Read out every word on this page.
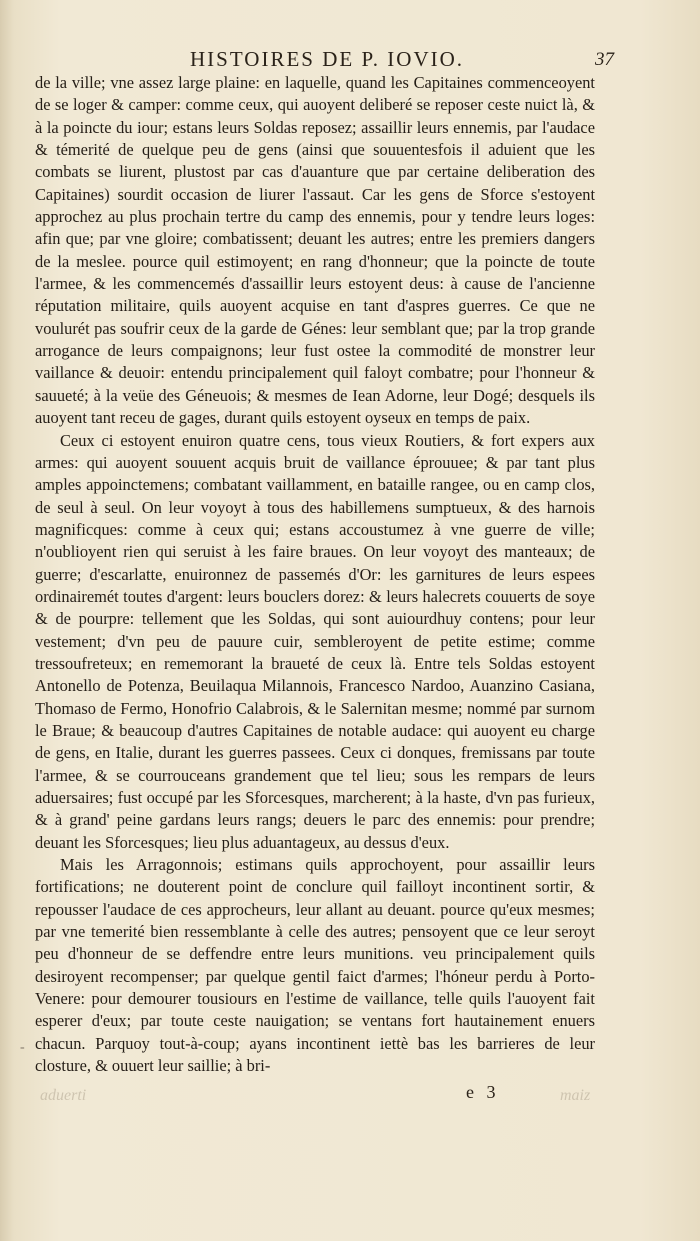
HISTOIRES DE P. IOVIO.	37

de la ville; vne assez large plaine: en laquelle, quand les Capitaines commenceoyent de se loger & camper: comme ceux, qui auoyent deliberé se reposer ceste nuict là, & à la poincte du iour; estans leurs Soldas reposez; assaillir leurs ennemis, par l'audace & témerité de quelque peu de gens (ainsi que souuentesfois il aduient que les combats se liurent, plustost par cas d'auanture que par certaine deliberation des Capitaines) sourdit occasion de liurer l'assaut. Car les gens de Sforce s'estoyent approchez au plus prochain tertre du camp des ennemis, pour y tendre leurs loges: afin que; par vne gloire; combatissent; deuant les autres; entre les premiers dangers de la meslee. pource quil estimoyent; en rang d'honneur; que la poincte de toute l'armee, & les commencemés d'assaillir leurs estoyent deus: à cause de l'ancienne réputation militaire, quils auoyent acquise en tant d'aspres guerres. Ce que ne voulurét pas soufrir ceux de la garde de Génes: leur semblant que; par la trop grande arrogance de leurs compaignons; leur fust ostee la commodité de monstrer leur vaillance & deuoir: entendu principalement quil faloyt combatre; pour l'honneur & sauueté; à la veüe des Géneuois; & mesmes de Iean Adorne, leur Dogé; desquels ils auoyent tant receu de gages, durant quils estoyent oyseux en temps de paix.

Ceux ci estoyent enuiron quatre cens, tous vieux Routiers, & fort expers aux armes: qui auoyent souuent acquis bruit de vaillance éprouuee; & par tant plus amples appoinctemens; combatant vaillamment, en bataille rangee, ou en camp clos, de seul à seul. On leur voyoyt à tous des habillemens sumptueux, & des harnois magnificques: comme à ceux qui; estans accoustumez à vne guerre de ville; n'oublioyent rien qui seruist à les faire braues. On leur voyoyt des manteaux; de guerre; d'escarlatte, enuironnez de passemés d'Or: les garnitures de leurs espees ordinairemét toutes d'argent: leurs bouclers dorez: & leurs halecrets couuerts de soye & de pourpre: tellement que les Soldas, qui sont auiourdhuy contens; pour leur vestement; d'vn peu de pauure cuir, sembleroyent de petite estime; comme tressoufreteux; en rememorant la braueté de ceux là. Entre tels Soldas estoyent Antonello de Potenza, Beuilaqua Milannois, Francesco Nardoo, Auanzino Casiana, Thomaso de Fermo, Honofrio Calabrois, & le Salernitan mesme; nommé par surnom le Braue; & beaucoup d'autres Capitaines de notable audace: qui auoyent eu charge de gens, en Italie, durant les guerres passees. Ceux ci donques, fremissans par toute l'armee, & se courrouceans grandement que tel lieu; sous les rempars de leurs aduersaires; fust occupé par les Sforcesques, marcherent; à la haste, d'vn pas furieux, & à grand' peine gardans leurs rangs; deuers le parc des ennemis: pour prendre; deuant les Sforcesques; lieu plus aduantageux, au dessus d'eux.

Mais les Arragonnois; estimans quils approchoyent, pour assaillir leurs fortifications; ne douterent point de conclure quil failloyt incontinent sortir, & repousser l'audace de ces approcheurs, leur allant au deuant. pource qu'eux mesmes; par vne temerité bien ressemblante à celle des autres; pensoyent que ce leur seroyt peu d'honneur de se deffendre entre leurs munitions. veu principalement quils desiroyent recompenser; par quelque gentil faict d'armes; l'hóneur perdu à Porto-Venere: pour demourer tousiours en l'estime de vaillance, telle quils l'auoyent fait esperer d'eux; par toute ceste nauigation; se ventans fort hautainement enuers chacun. Parquoy tout-à-coup; ayans incontinent iettè bas les barrieres de leur closture, & ouuert leur saillie; à bri-

-
aduerti	maiz
e 3
